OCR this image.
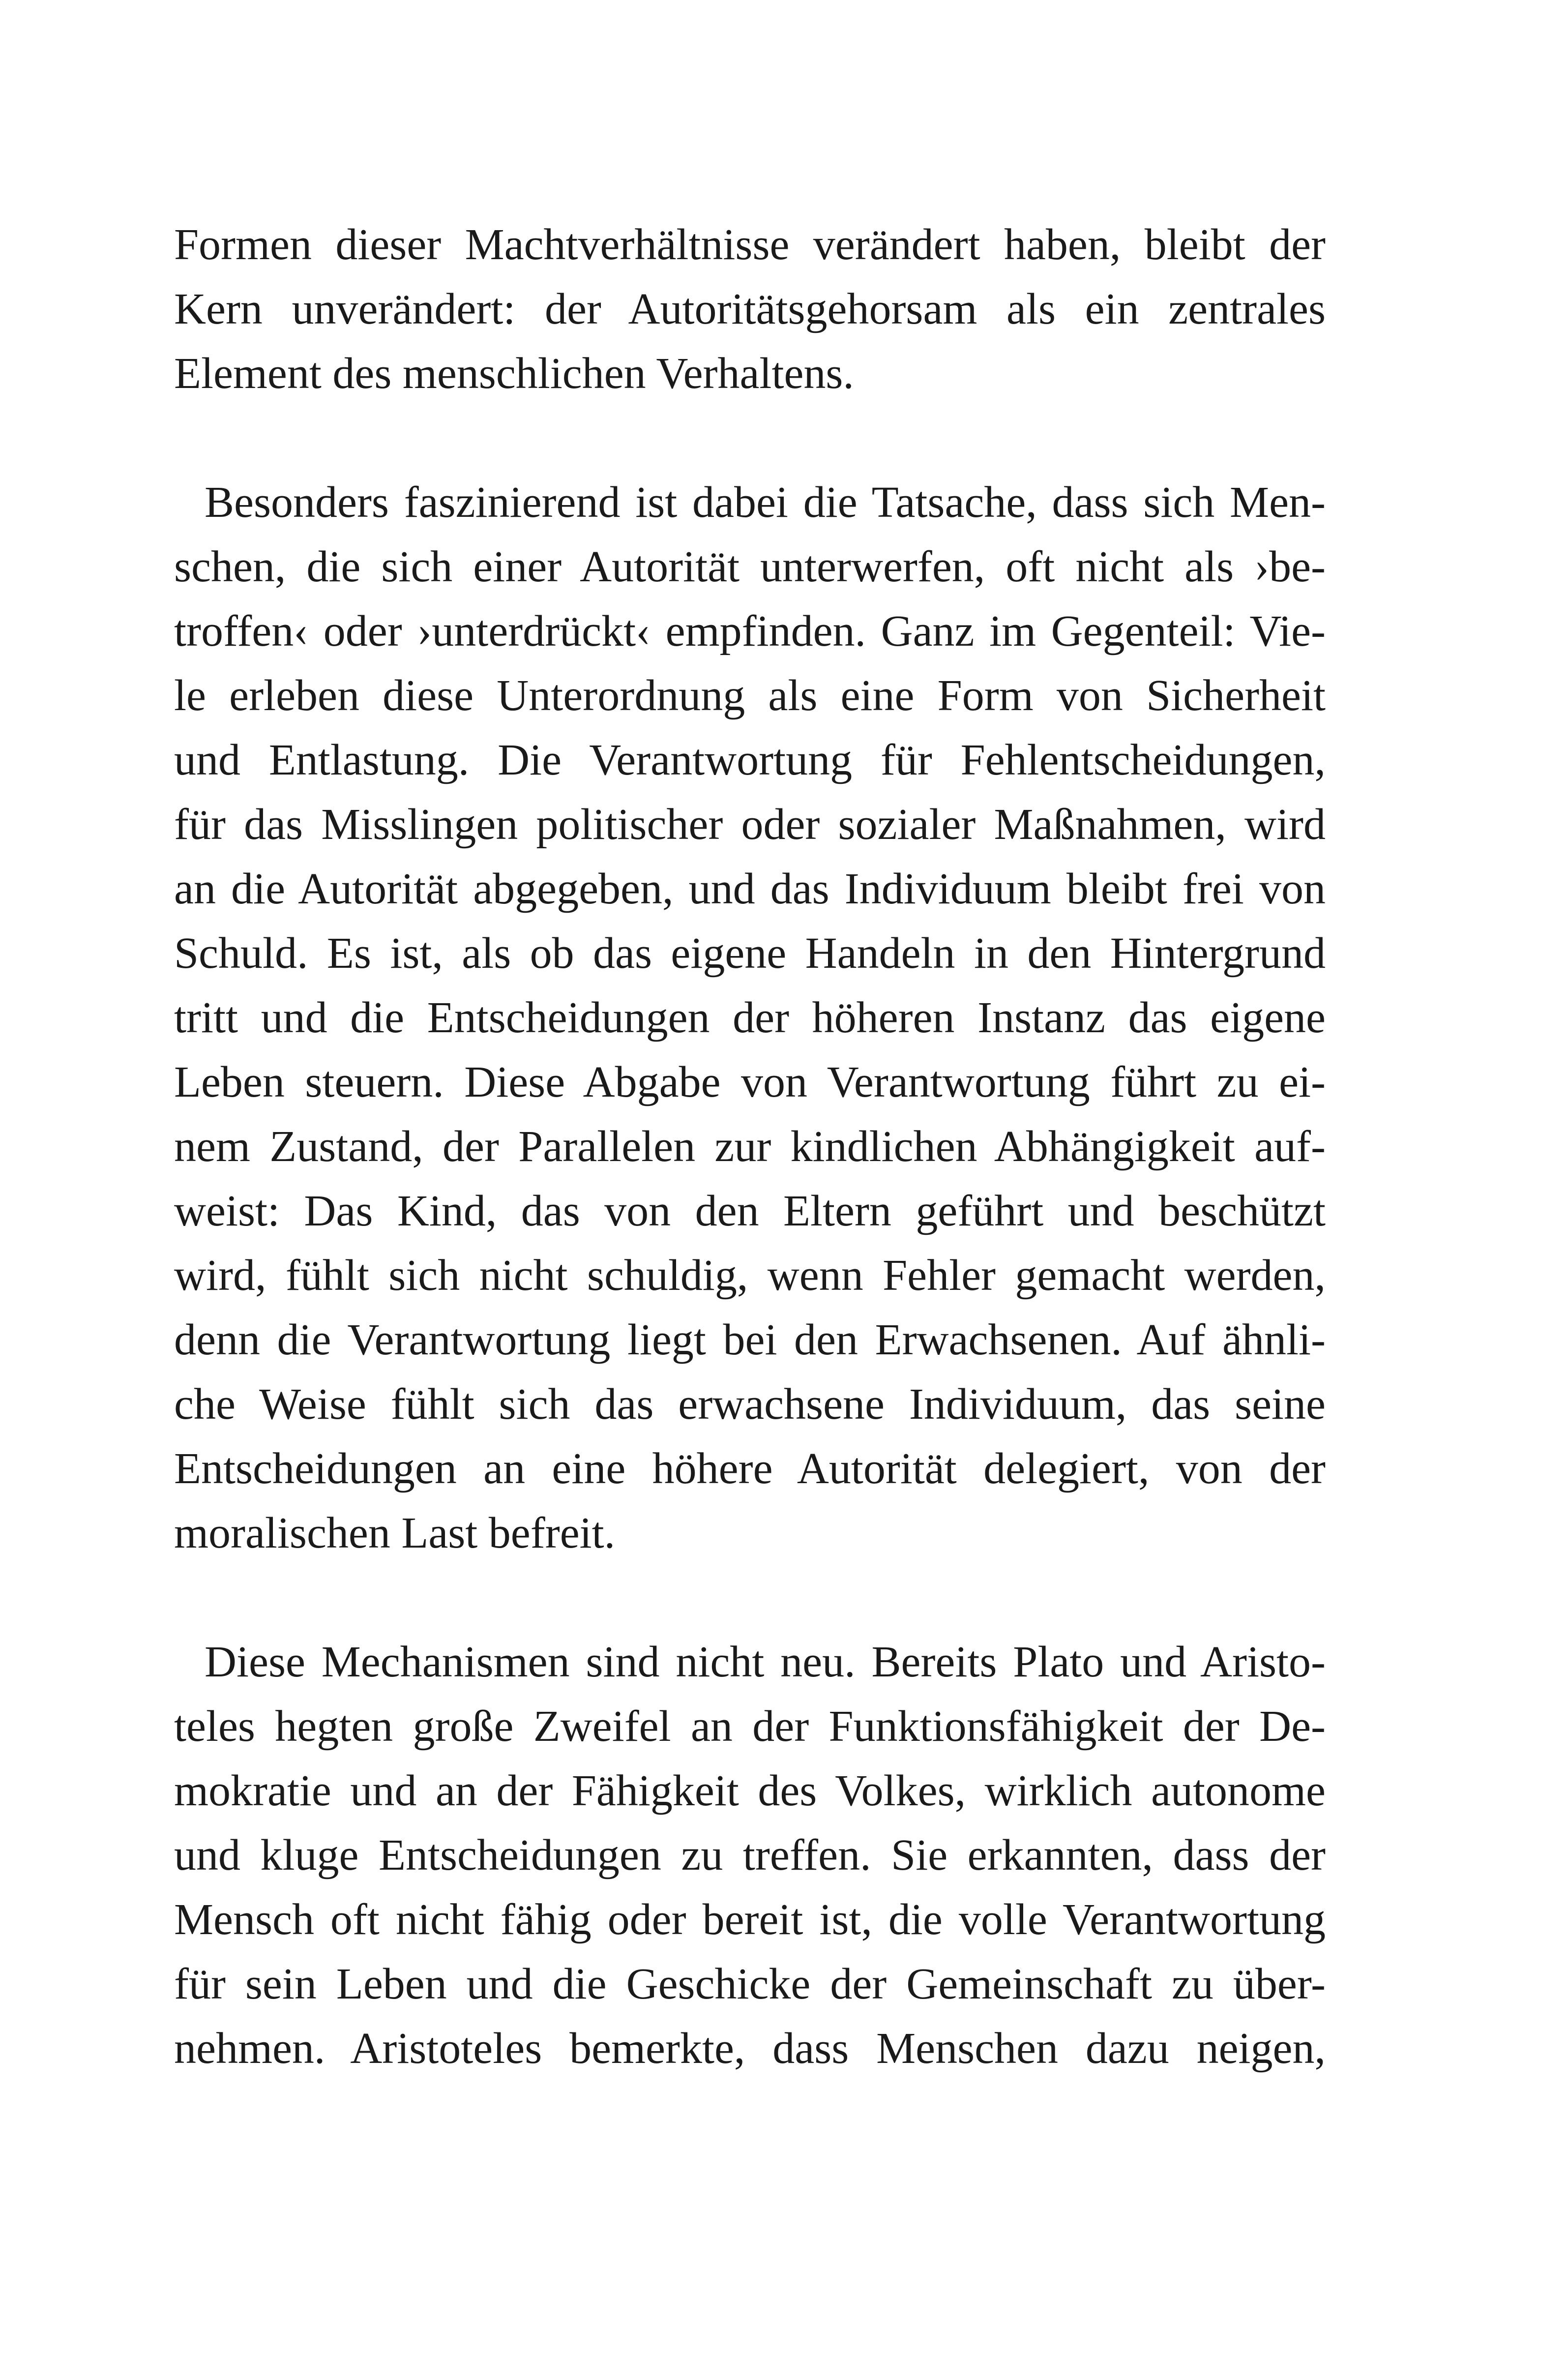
Formen dieser Machtverhältnisse verändert haben, bleibt der
Kern unverändert: der Autoritätsgehorsam als ein zentrales
Element des menschlichen Verhaltens.

Besonders faszinierend ist dabei die Tatsache, dass sich Men-
schen, die sich einer Autorität unterwerfen, oft nicht als ›be-
troffen‹ oder ›unterdrückt‹ empfinden. Ganz im Gegenteil: Vie-
le erleben diese Unterordnung als eine Form von Sicherheit
und Entlastung. Die Verantwortung für Fehlentscheidungen,
für das Misslingen politischer oder sozialer Maßnahmen, wird
an die Autorität abgegeben, und das Individuum bleibt frei von
Schuld. Es ist, als ob das eigene Handeln in den Hintergrund
tritt und die Entscheidungen der höheren Instanz das eigene
Leben steuern. Diese Abgabe von Verantwortung führt zu ei-
nem Zustand, der Parallelen zur kindlichen Abhängigkeit auf-
weist: Das Kind, das von den Eltern geführt und beschützt
wird, fühlt sich nicht schuldig, wenn Fehler gemacht werden,
denn die Verantwortung liegt bei den Erwachsenen. Auf ähnli-
che Weise fühlt sich das erwachsene Individuum, das seine
Entscheidungen an eine höhere Autorität delegiert, von der
moralischen Last befreit.

Diese Mechanismen sind nicht neu. Bereits Plato und Aristo-
teles hegten große Zweifel an der Funktionsfähigkeit der De-
mokratie und an der Fähigkeit des Volkes, wirklich autonome
und kluge Entscheidungen zu treffen. Sie erkannten, dass der
Mensch oft nicht fähig oder bereit ist, die volle Verantwortung
für sein Leben und die Geschicke der Gemeinschaft zu über-
nehmen. Aristoteles bemerkte, dass Menschen dazu neigen,
